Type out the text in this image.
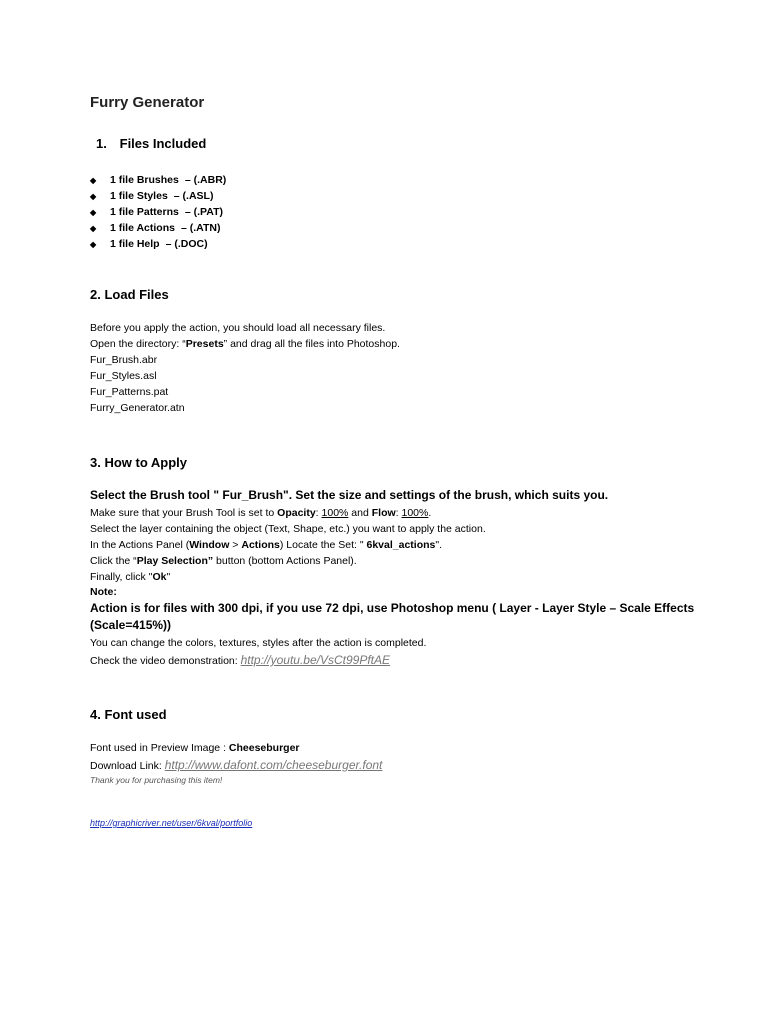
Furry Generator
1. Files Included
◆ 1 file Brushes – (.ABR)
◆ 1 file Styles – (.ASL)
◆ 1 file Patterns – (.PAT)
◆ 1 file Actions – (.ATN)
◆ 1 file Help – (.DOC)
2. Load Files
Before you apply the action, you should load all necessary files.
Open the directory: “Presets” and drag all the files into Photoshop.
Fur_Brush.abr
Fur_Styles.asl
Fur_Patterns.pat
Furry_Generator.atn
3. How to Apply
Select the Brush tool " Fur_Brush". Set the size and settings of the brush, which suits you.
Make sure that your Brush Tool is set to Opacity: 100% and Flow: 100%.
Select the layer containing the object (Text, Shape, etc.) you want to apply the action.
In the Actions Panel (Window > Actions) Locate the Set: " 6kval_actions".
Click the “Play Selection” button (bottom Actions Panel).
Finally, click "Ok"
Note:
Action is for files with 300 dpi, if you use 72 dpi, use Photoshop menu ( Layer - Layer Style – Scale Effects
(Scale=415%))
You can change the colors, textures, styles after the action is completed.
Check the video demonstration: http://youtu.be/VsCt99PftAE
4. Font used
Font used in Preview Image : Cheeseburger
Download Link: http://www.dafont.com/cheeseburger.font
Thank you for purchasing this item!
http://graphicriver.net/user/6kval/portfolio
